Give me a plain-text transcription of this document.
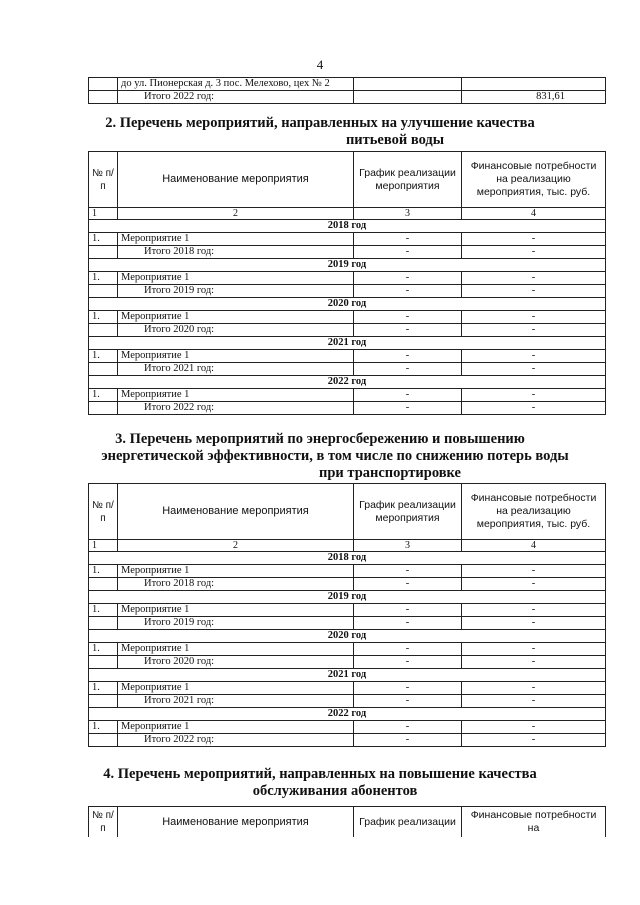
4
	до ул. Пионерская д. 3 пос. Мелехово, цех № 2		
	Итого 2022 год:		831,61
2. Перечень мероприятий, направленных на улучшение качества
питьевой воды
№ п/п	Наименование мероприятия	График реализации мероприятия	Финансовые потребности на реализацию мероприятия, тыс. руб.
1	2	3	4
2018 год			
1.	Мероприятие 1	-	-
	Итого 2018 год:	-	-
2019 год			
1.	Мероприятие 1	-	-
	Итого 2019 год:	-	-
2020 год			
1.	Мероприятие 1	-	-
	Итого 2020 год:	-	-
2021 год			
1.	Мероприятие 1	-	-
	Итого 2021 год:	-	-
2022 год			
1.	Мероприятие 1	-	-
	Итого 2022 год:	-	-
3. Перечень мероприятий по энергосбережению и повышению
энергетической эффективности, в том числе по снижению потерь воды
при транспортировке
№ п/п	Наименование мероприятия	График реализации мероприятия	Финансовые потребности на реализацию мероприятия, тыс. руб.
1	2	3	4
2018 год			
1.	Мероприятие 1	-	-
	Итого 2018 год:	-	-
2019 год			
1.	Мероприятие 1	-	-
	Итого 2019 год:	-	-
2020 год			
1.	Мероприятие 1	-	-
	Итого 2020 год:	-	-
2021 год			
1.	Мероприятие 1	-	-
	Итого 2021 год:	-	-
2022 год			
1.	Мероприятие 1	-	-
	Итого 2022 год:	-	-
4. Перечень мероприятий, направленных на повышение качества
обслуживания абонентов
№ п/п	Наименование мероприятия	График реализации	Финансовые потребности на
